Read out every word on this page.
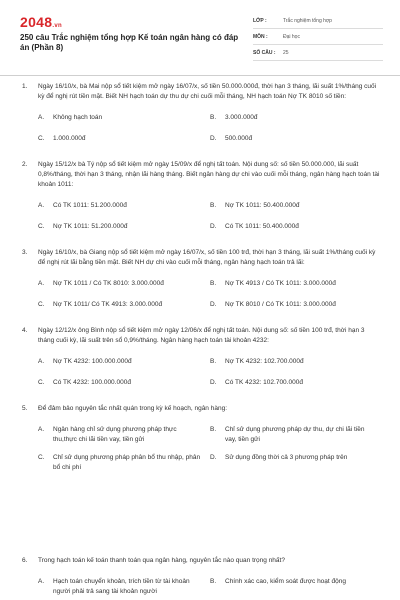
2048.vn
250 câu Trắc nghiệm tổng hợp Kế toán ngân hàng có đáp án (Phần 8)
LỚP :	Trắc nghiệm tổng hợp
MÔN :	Đại học
SỐ CÂU :	25
1.	Ngày 16/10/x, bà Mai nộp sổ tiết kiệm mở ngày 16/07/x, số tiền 50.000.000đ, thời hạn 3 tháng, lãi suất 1%/tháng cuối kỳ để nghị rút tiền mặt. Biết NH hạch toán dự thu dự chi cuối mỗi tháng, NH hạch toán Nợ TK 8010 số tiền:
A.	Không hạch toán	B.	3.000.000đ
C.	1.000.000đ	D.	500.000đ
2.	Ngày 15/12/x bà Tý nộp sổ tiết kiệm mở ngày 15/09/x để nghị tất toán. Nội dung số: số tiền 50.000.000, lãi suất 0,8%/tháng, thời hạn 3 tháng, nhận lãi hàng tháng. Biết ngân hàng dự chi vào cuối mỗi tháng, ngân hàng hạch toán tài khoản 1011:
A.	Có TK 1011: 51.200.000đ	B.	Nợ TK 1011: 50.400.000đ
C.	Nợ TK 1011: 51.200.000đ	D.	Có TK 1011: 50.400.000đ
3.	Ngày 16/10/x, bà Giang nộp sổ tiết kiệm mở ngày 16/07/x, số tiền 100 trđ, thời hạn 3 tháng, lãi suất 1%/tháng cuối kỳ để nghị rút lãi bằng tiền mặt. Biết NH dự chi vào cuối mỗi tháng, ngân hàng hạch toán trả lãi:
A.	Nợ TK 1011 / Có TK 8010: 3.000.000đ	B.	Nợ TK 4913 / Có TK 1011: 3.000.000đ
C.	Nợ TK 1011/ Có TK 4913: 3.000.000đ	D.	Nợ TK 8010 / Có TK 1011: 3.000.000đ
4.	Ngày 12/12/x ông Bình nộp sổ tiết kiệm mở ngày 12/06/x để nghị tất toán. Nội dung số: số tiền 100 trđ, thời hạn 3 tháng cuối kỳ, lãi suất trên sổ 0,9%/tháng. Ngân hàng hạch toán tài khoản 4232:
A.	Nợ TK 4232: 100.000.000đ	B.	Nợ TK 4232: 102.700.000đ
C.	Có TK 4232: 100.000.000đ	D.	Có TK 4232: 102.700.000đ
5.	Để đảm bảo nguyên tắc nhất quán trong kỳ kế hoạch, ngân hàng:
A.	Ngân hàng chỉ sử dụng phương pháp thực thu,thực chi lãi tiền vay, tiền gửi
B.	Chỉ sử dụng phương pháp dự thu, dự chi lãi tiền vay, tiền gửi
C.	Chỉ sử dụng phương pháp phân bổ thu nhập, phân bổ chi phí
D.	Sử dụng đồng thời cả 3 phương pháp trên
6.	Trong hạch toán kế toán thanh toán qua ngân hàng, nguyên tắc nào quan trọng nhất?
A.	Hạch toán chuyển khoản, trích tiền từ tài khoản người phải trả sang tài khoản người
B.	Chính xác cao, kiểm soát được hoạt động
